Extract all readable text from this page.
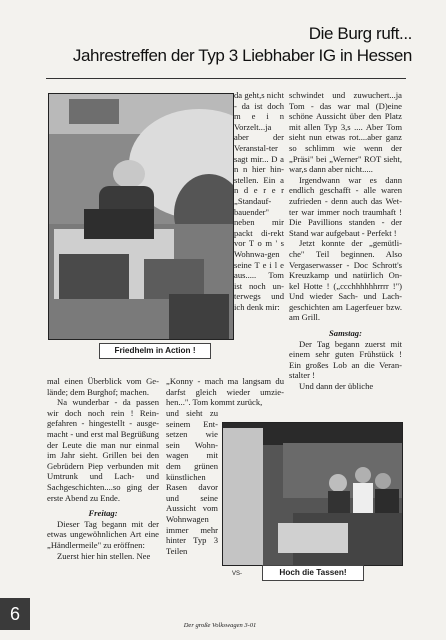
Die Burg ruft...
Jahrestreffen der Typ 3 Liebhaber IG in Hessen
Friedhelm in Action !

da geht,s nicht - da ist doch m e i n Vorzelt...ja aber der Veranstal-ter sagt mir... D a n n hier hin-stellen. Ein a n d e r e r „Standauf-bauender" neben mir packt di-rekt vor T o m ' s Wohnwa-gen seine T e i l e aus..... Tom ist noch un-terwegs und ich denk mir:

schwindet und zuwuchert...ja Tom - das war mal (D)eine schöne Aussicht über den Platz mit allen Typ 3,s .... Aber Tom sieht nun etwas rot....aber ganz so schlimm wie wenn der „Präsi" bei „Werner" ROT sieht, war,s dann aber nicht.....

Irgendwann war es dann endlich geschafft - alle waren zufrieden - denn auch das Wet-ter war immer noch traumhaft ! Die Pavillions standen - der Stand war aufgebaut - Perfekt !

Jetzt konnte der „gemütli-che" Teil beginnen. Also Vergaserwasser - Doc Schrott's Kreuzkamp und natürlich On-kel Hotte ! („ccchhhhhhrrrr !") Und wieder Sach- und Lach-geschichten am Lagerfeuer bzw. am Grill.

Samstag:

Der Tag begann zuerst mit einem sehr guten Frühstück ! Ein großes Lob an die Veran-stalter !

Und dann der übliche

mal einen Überblick vom Ge-lände; dem Burghof; machen.

Na wunderbar - da passen wir doch noch rein ! Rein-gefahren - hingestellt - ausge-macht - und erst mal Begrüßung der Leute die man nur einmal im Jahr sieht. Grillen bei den Gebrüdern Piep verbunden mit Umtrunk und Lach- und Sachgeschichten....so ging der erste Abend zu Ende.

Freitag:

Dieser Tag begann mit der etwas ungewöhnlichen Art eine „Händlermeile" zu eröffnen:

Zuerst hier hin stellen. Nee

„Konny - mach ma langsam du darfst gleich wieder umzie-hen...". Tom kommt zurück,

und sieht zu seinem Ent-setzen wie sein Wohn-wagen mit dem grünen künstlichen Rasen davor und seine Aussicht vom Wohnwagen immer mehr hinter Typ 3 Teilen

Hoch die Tassen!
VS-
Der große Volkswagen 3-01
6
